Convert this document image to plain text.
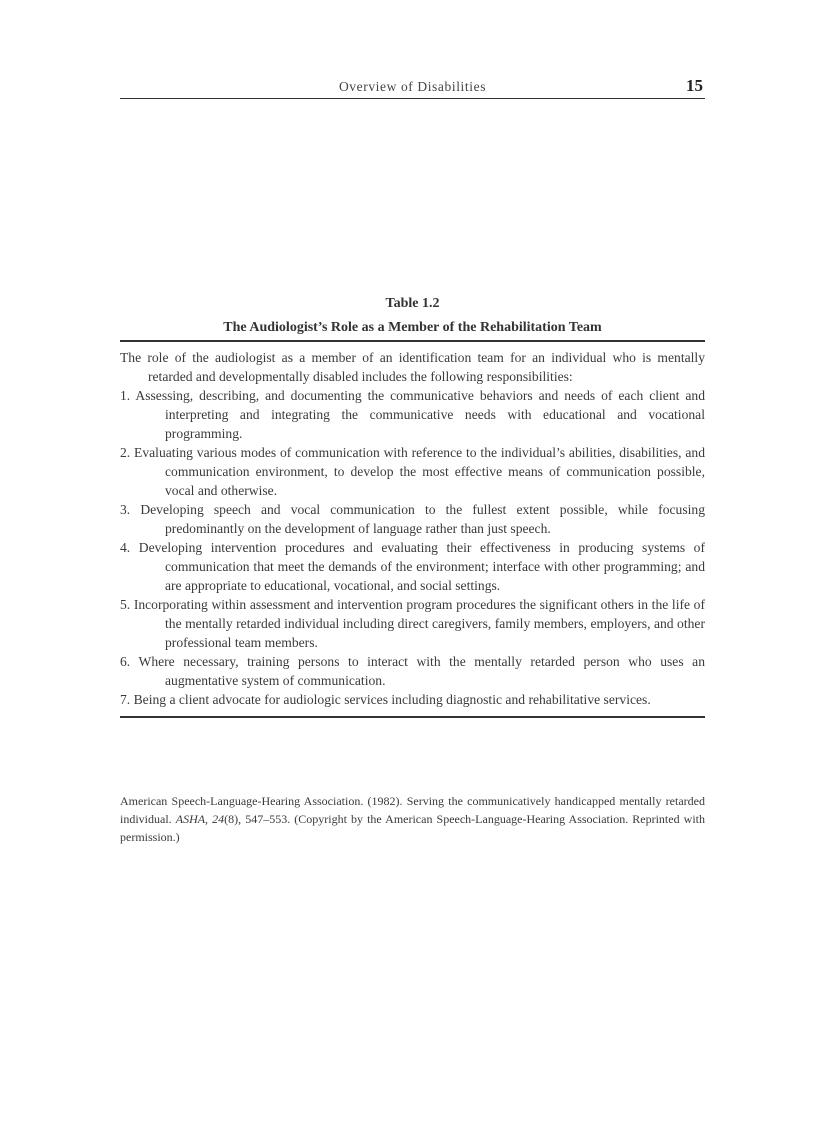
Overview of Disabilities	15
Table 1.2
The Audiologist’s Role as a Member of the Rehabilitation Team

The role of the audiologist as a member of an identification team for an individual who is mentally retarded and developmentally disabled includes the following responsibilities:

1. Assessing, describing, and documenting the communicative behaviors and needs of each client and interpreting and integrating the communicative needs with educational and vocational programming.

2. Evaluating various modes of communication with reference to the individual’s abilities, disabilities, and communication environment, to develop the most effective means of communication possible, vocal and otherwise.

3. Developing speech and vocal communication to the fullest extent possible, while focusing predominantly on the development of language rather than just speech.

4. Developing intervention procedures and evaluating their effectiveness in producing systems of communication that meet the demands of the environment; interface with other programming; and are appropriate to educational, vocational, and social settings.

5. Incorporating within assessment and intervention program procedures the significant others in the life of the mentally retarded individual including direct caregivers, family members, employers, and other professional team members.

6. Where necessary, training persons to interact with the mentally retarded person who uses an augmentative system of communication.

7. Being a client advocate for audiologic services including diagnostic and rehabilitative services.

American Speech-Language-Hearing Association. (1982). Serving the communicatively handicapped mentally retarded individual. ASHA, 24(8), 547–553. (Copyright by the American Speech-Language-Hearing Association. Reprinted with permission.)
